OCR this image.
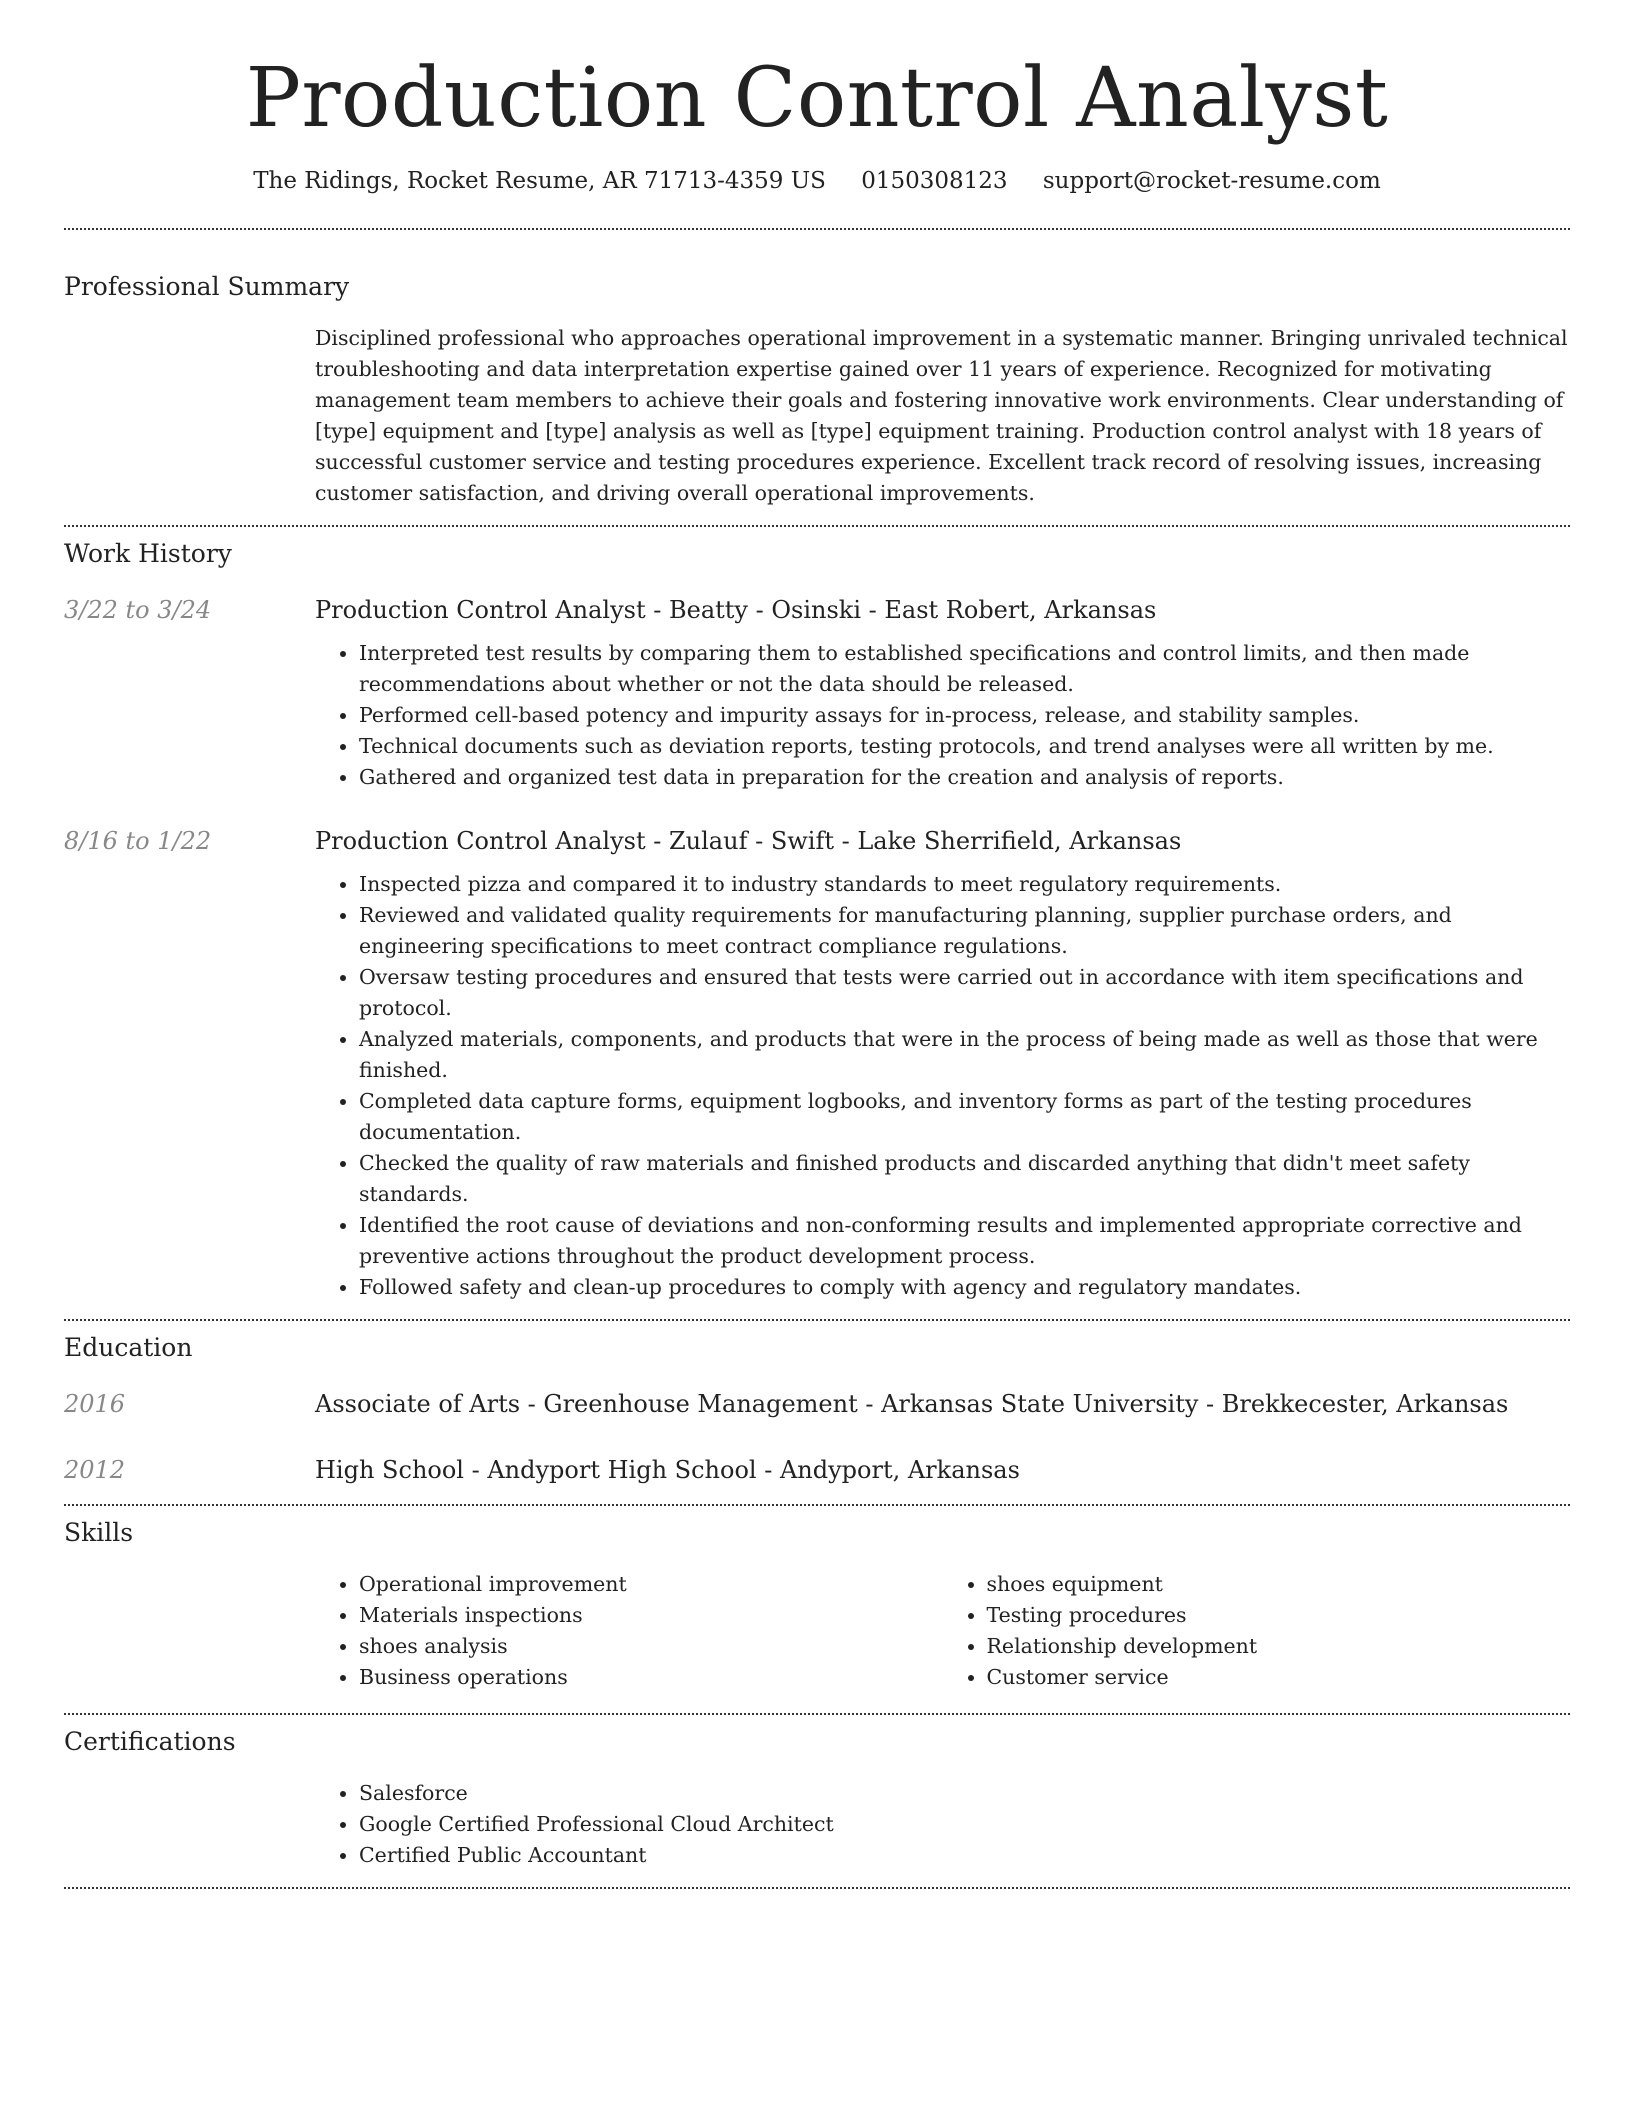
Production Control Analyst
The Ridings, Rocket Resume, AR 71713-4359 US 0150308123 support@rocket-resume.com
Professional Summary

Disciplined professional who approaches operational improvement in a systematic manner. Bringing unrivaled technical troubleshooting and data interpretation expertise gained over 11 years of experience. Recognized for motivating management team members to achieve their goals and fostering innovative work environments. Clear understanding of [type] equipment and [type] analysis as well as [type] equipment training. Production control analyst with 18 years of successful customer service and testing procedures experience. Excellent track record of resolving issues, increasing customer satisfaction, and driving overall operational improvements.

Work History
3/22 to 3/24	Production Control Analyst - Beatty - Osinski - East Robert, Arkansas
• Interpreted test results by comparing them to established specifications and control limits, and then made recommendations about whether or not the data should be released.
• Performed cell-based potency and impurity assays for in-process, release, and stability samples.
• Technical documents such as deviation reports, testing protocols, and trend analyses were all written by me.
• Gathered and organized test data in preparation for the creation and analysis of reports.
8/16 to 1/22	Production Control Analyst - Zulauf - Swift - Lake Sherrifield, Arkansas
• Inspected pizza and compared it to industry standards to meet regulatory requirements.
• Reviewed and validated quality requirements for manufacturing planning, supplier purchase orders, and engineering specifications to meet contract compliance regulations.
• Oversaw testing procedures and ensured that tests were carried out in accordance with item specifications and protocol.
• Analyzed materials, components, and products that were in the process of being made as well as those that were finished.
• Completed data capture forms, equipment logbooks, and inventory forms as part of the testing procedures documentation.
• Checked the quality of raw materials and finished products and discarded anything that didn't meet safety standards.
• Identified the root cause of deviations and non-conforming results and implemented appropriate corrective and preventive actions throughout the product development process.
• Followed safety and clean-up procedures to comply with agency and regulatory mandates.
Education
2016	Associate of Arts - Greenhouse Management - Arkansas State University - Brekkecester, Arkansas
2012	High School - Andyport High School - Andyport, Arkansas
Skills
• Operational improvement
• Materials inspections
• shoes analysis
• Business operations
• shoes equipment
• Testing procedures
• Relationship development
• Customer service
Certifications
• Salesforce
• Google Certified Professional Cloud Architect
• Certified Public Accountant
